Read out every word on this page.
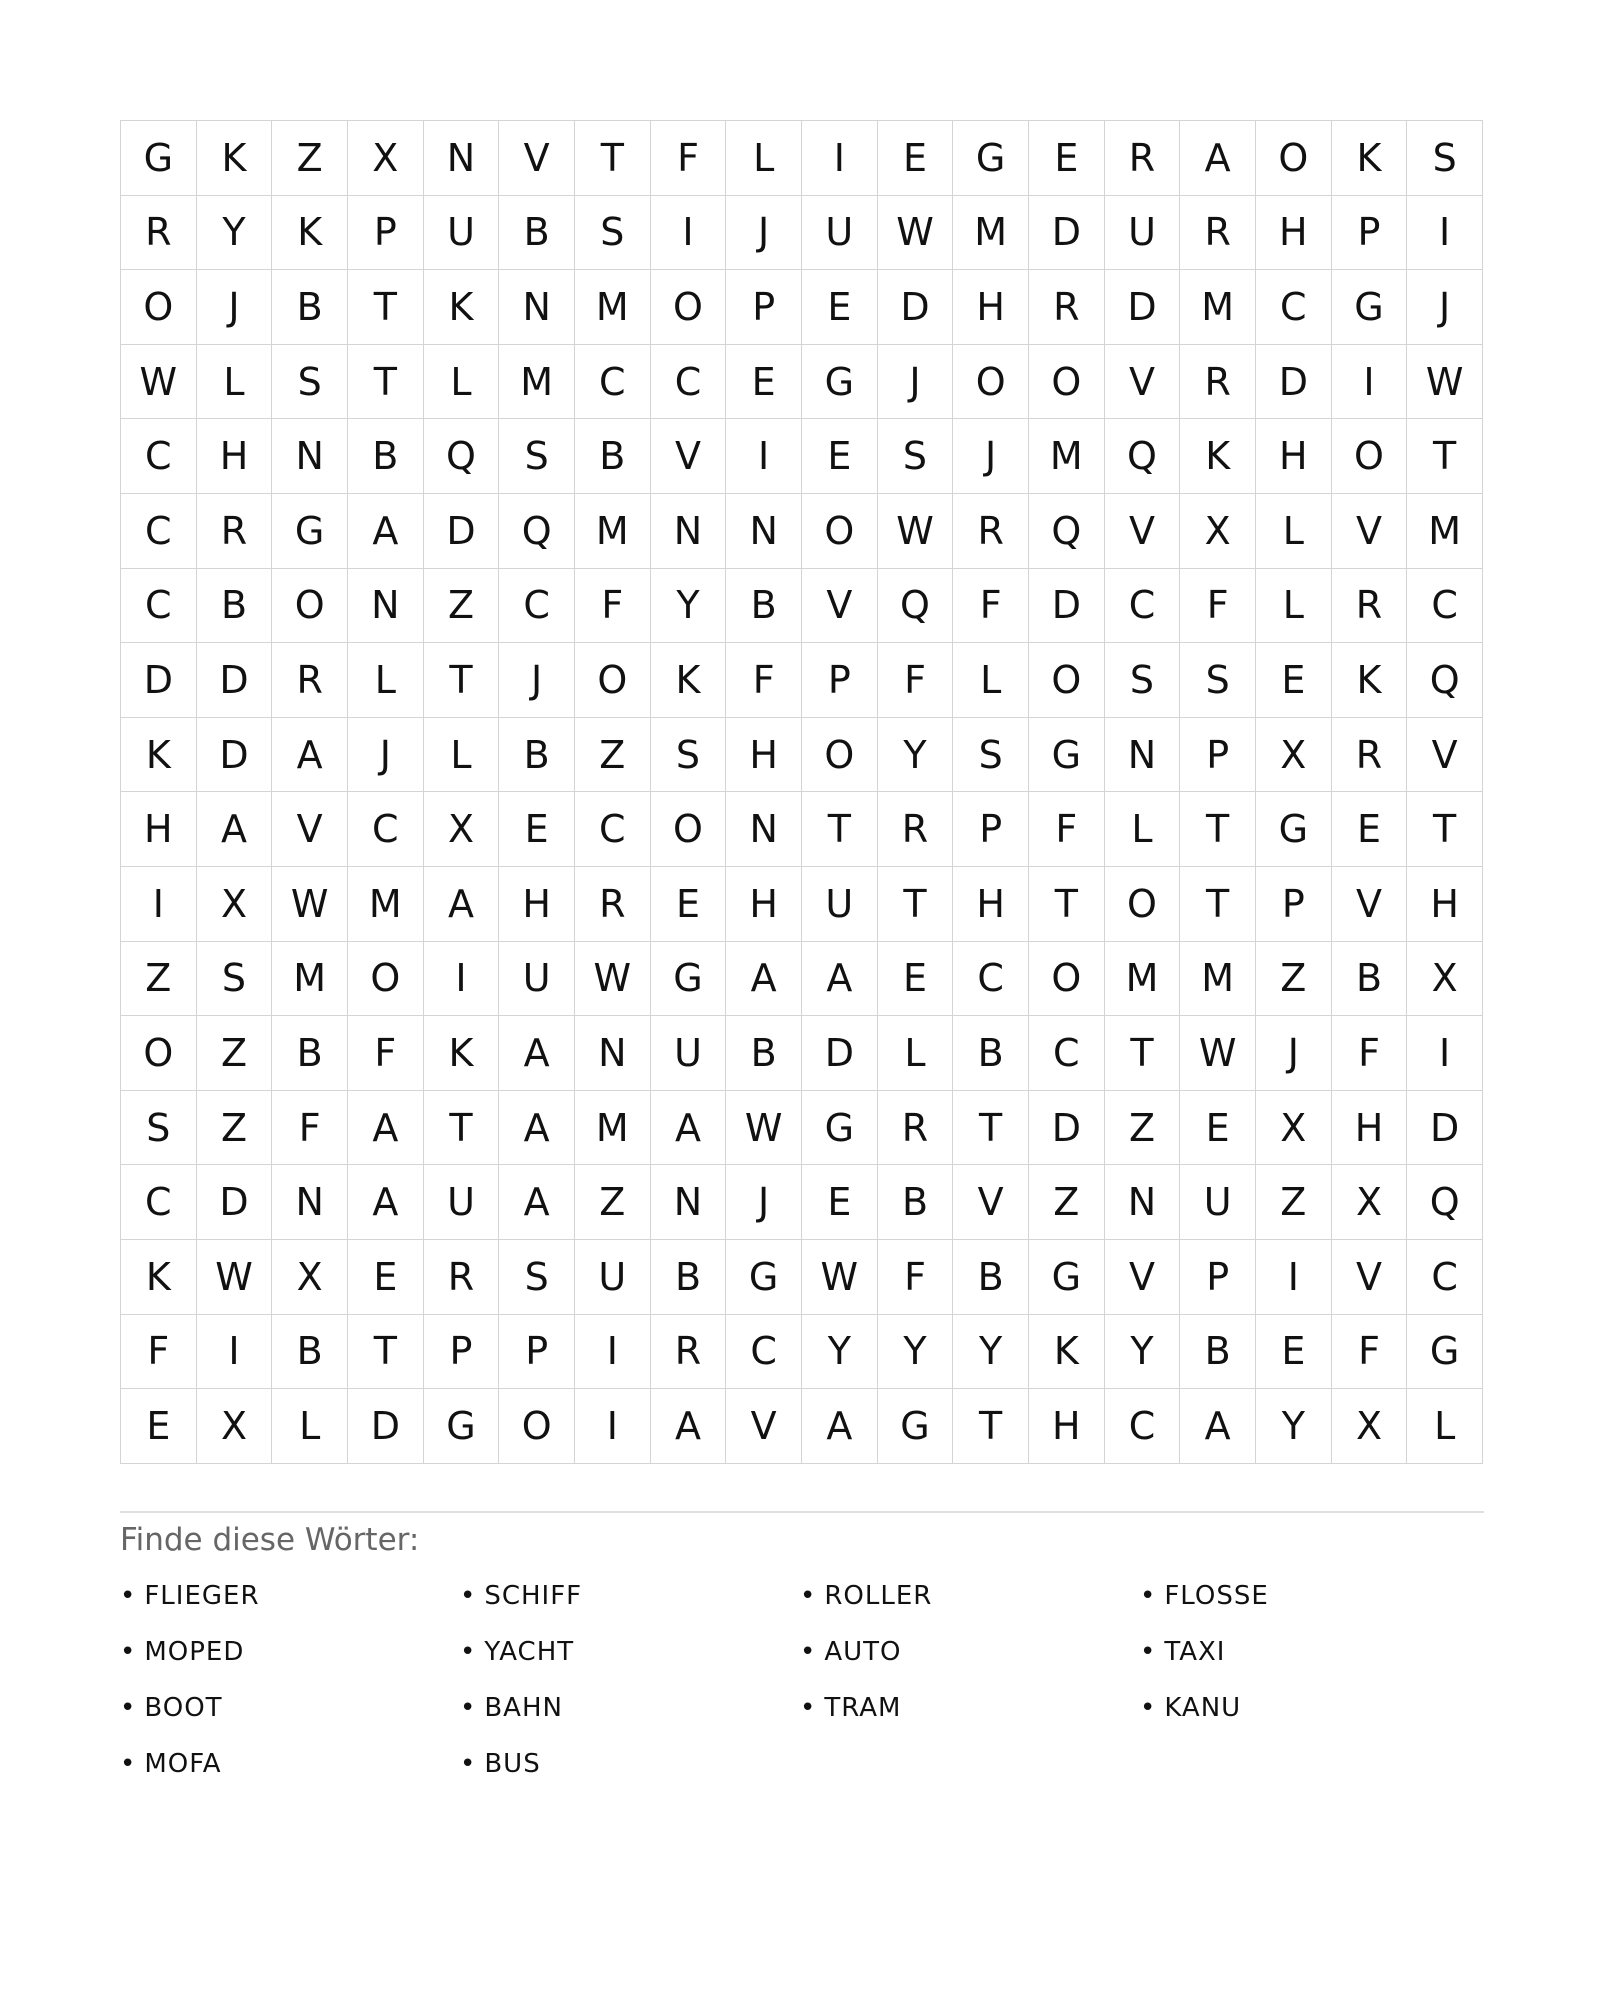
G	K	Z	X	N	V	T	F	L	I	E	G	E	R	A	O	K	S
R	Y	K	P	U	B	S	I	J	U	W	M	D	U	R	H	P	I
O	J	B	T	K	N	M	O	P	E	D	H	R	D	M	C	G	J
W	L	S	T	L	M	C	C	E	G	J	O	O	V	R	D	I	W
C	H	N	B	Q	S	B	V	I	E	S	J	M	Q	K	H	O	T
C	R	G	A	D	Q	M	N	N	O	W	R	Q	V	X	L	V	M
C	B	O	N	Z	C	F	Y	B	V	Q	F	D	C	F	L	R	C
D	D	R	L	T	J	O	K	F	P	F	L	O	S	S	E	K	Q
K	D	A	J	L	B	Z	S	H	O	Y	S	G	N	P	X	R	V
H	A	V	C	X	E	C	O	N	T	R	P	F	L	T	G	E	T
I	X	W	M	A	H	R	E	H	U	T	H	T	O	T	P	V	H
Z	S	M	O	I	U	W	G	A	A	E	C	O	M	M	Z	B	X
O	Z	B	F	K	A	N	U	B	D	L	B	C	T	W	J	F	I
S	Z	F	A	T	A	M	A	W	G	R	T	D	Z	E	X	H	D
C	D	N	A	U	A	Z	N	J	E	B	V	Z	N	U	Z	X	Q
K	W	X	E	R	S	U	B	G	W	F	B	G	V	P	I	V	C
F	I	B	T	P	P	I	R	C	Y	Y	Y	K	Y	B	E	F	G
E	X	L	D	G	O	I	A	V	A	G	T	H	C	A	Y	X	L
Finde diese Wörter:
• FLIEGER	• SCHIFF	• ROLLER	• FLOSSE
• MOPED	• YACHT	• AUTO	• TAXI
• BOOT	• BAHN	• TRAM	• KANU
• MOFA	• BUS
